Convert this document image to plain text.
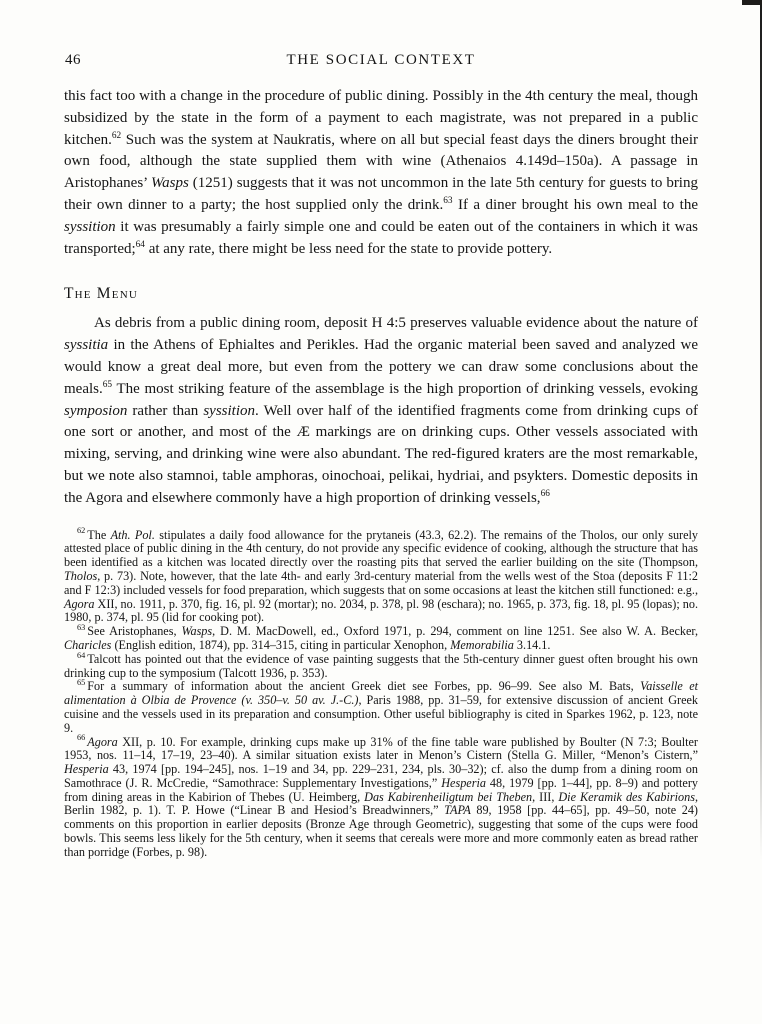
46	THE SOCIAL CONTEXT

this fact too with a change in the procedure of public dining. Possibly in the 4th century the meal, though subsidized by the state in the form of a payment to each magistrate, was not prepared in a public kitchen.$^{62}$ Such was the system at Naukratis, where on all but special feast days the diners brought their own food, although the state supplied them with wine (Athenaios 4.149d–150a). A passage in Aristophanes’ Wasps (1251) suggests that it was not uncommon in the late 5th century for guests to bring their own dinner to a party; the host supplied only the drink.$^{63}$ If a diner brought his own meal to the syssition it was presumably a fairly simple one and could be eaten out of the containers in which it was transported;$^{64}$ at any rate, there might be less need for the state to provide pottery.

The Menu

As debris from a public dining room, deposit H 4:5 preserves valuable evidence about the nature of syssitia in the Athens of Ephialtes and Perikles. Had the organic material been saved and analyzed we would know a great deal more, but even from the pottery we can draw some conclusions about the meals.$^{65}$ The most striking feature of the assemblage is the high proportion of drinking vessels, evoking symposion rather than syssition. Well over half of the identified fragments come from drinking cups of one sort or another, and most of the Æ markings are on drinking cups. Other vessels associated with mixing, serving, and drinking wine were also abundant. The red-figured kraters are the most remarkable, but we note also stamnoi, table amphoras, oinochoai, pelikai, hydriai, and psykters. Domestic deposits in the Agora and elsewhere commonly have a high proportion of drinking vessels,$^{66}$

$^{62}$ The Ath. Pol. stipulates a daily food allowance for the prytaneis (43.3, 62.2). The remains of the Tholos, our only surely attested place of public dining in the 4th century, do not provide any specific evidence of cooking, although the structure that has been identified as a kitchen was located directly over the roasting pits that served the earlier building on the site (Thompson, Tholos, p. 73). Note, however, that the late 4th- and early 3rd-century material from the wells west of the Stoa (deposits F 11:2 and F 12:3) included vessels for food preparation, which suggests that on some occasions at least the kitchen still functioned: e.g., Agora XII, no. 1911, p. 370, fig. 16, pl. 92 (mortar); no. 2034, p. 378, pl. 98 (eschara); no. 1965, p. 373, fig. 18, pl. 95 (lopas); no. 1980, p. 374, pl. 95 (lid for cooking pot).

$^{63}$ See Aristophanes, Wasps, D. M. MacDowell, ed., Oxford 1971, p. 294, comment on line 1251. See also W. A. Becker, Charicles (English edition, 1874), pp. 314–315, citing in particular Xenophon, Memorabilia 3.14.1.

$^{64}$ Talcott has pointed out that the evidence of vase painting suggests that the 5th-century dinner guest often brought his own drinking cup to the symposium (Talcott 1936, p. 353).

$^{65}$ For a summary of information about the ancient Greek diet see Forbes, pp. 96–99. See also M. Bats, Vaisselle et alimentation à Olbia de Provence (v. 350–v. 50 av. J.-C.), Paris 1988, pp. 31–59, for extensive discussion of ancient Greek cuisine and the vessels used in its preparation and consumption. Other useful bibliography is cited in Sparkes 1962, p. 123, note 9.

$^{66}$ Agora XII, p. 10. For example, drinking cups make up 31% of the fine table ware published by Boulter (N 7:3; Boulter 1953, nos. 11–14, 17–19, 23–40). A similar situation exists later in Menon’s Cistern (Stella G. Miller, “Menon’s Cistern,” Hesperia 43, 1974 [pp. 194–245], nos. 1–19 and 34, pp. 229–231, 234, pls. 30–32); cf. also the dump from a dining room on Samothrace (J. R. McCredie, “Samothrace: Supplementary Investigations,” Hesperia 48, 1979 [pp. 1–44], pp. 8–9) and pottery from dining areas in the Kabirion of Thebes (U. Heimberg, Das Kabirenheiligtum bei Theben, III, Die Keramik des Kabirions, Berlin 1982, p. 1). T. P. Howe (“Linear B and Hesiod’s Breadwinners,” TAPA 89, 1958 [pp. 44–65], pp. 49–50, note 24) comments on this proportion in earlier deposits (Bronze Age through Geometric), suggesting that some of the cups were food bowls. This seems less likely for the 5th century, when it seems that cereals were more and more commonly eaten as bread rather than porridge (Forbes, p. 98).
